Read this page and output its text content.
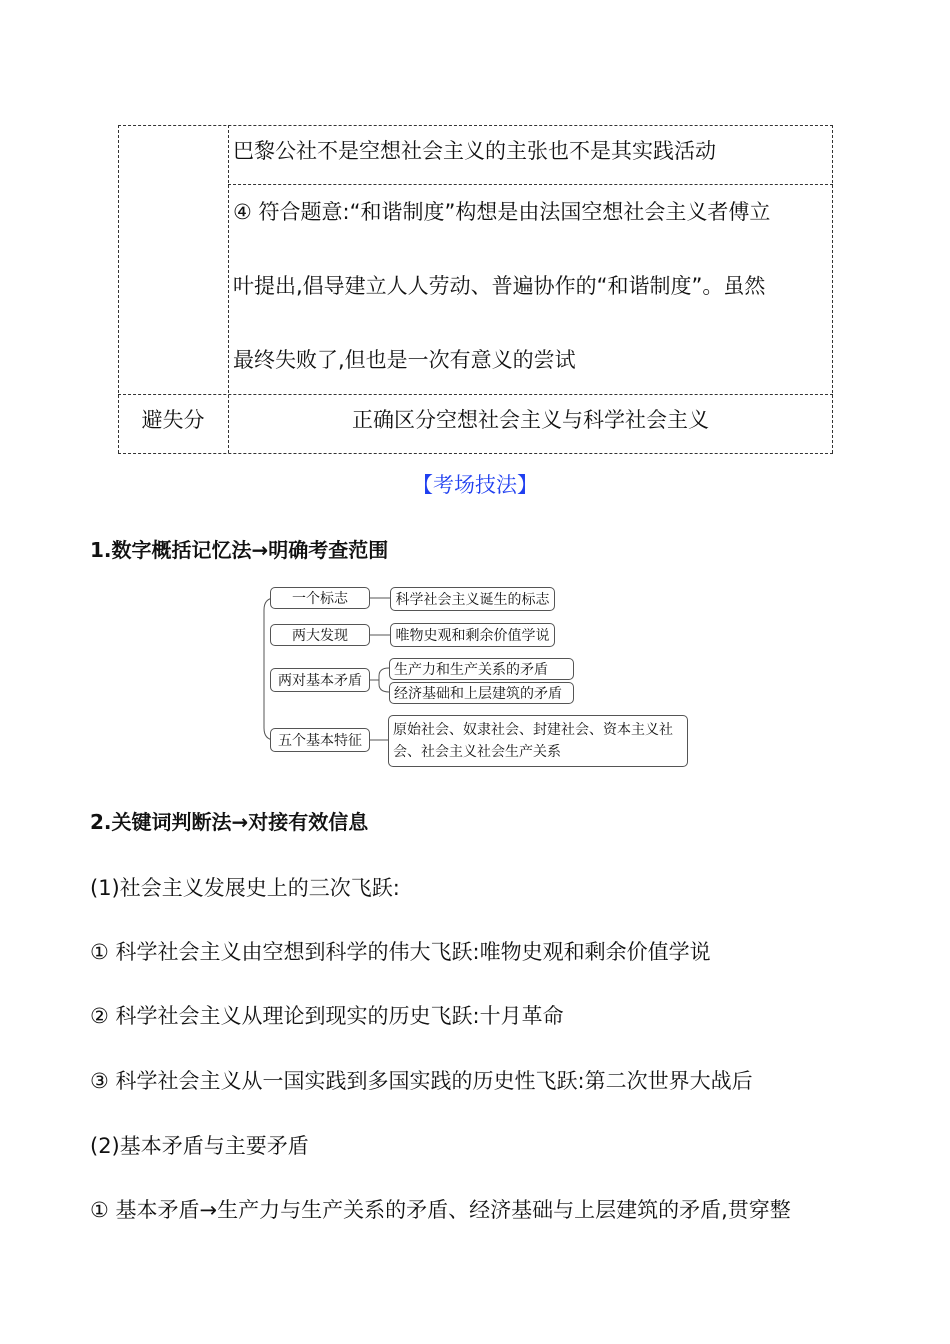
巴黎公社不是空想社会主义的主张也不是其实践活动
④ 符合题意:“和谐制度”构想是由法国空想社会主义者傅立
叶提出,倡导建立人人劳动、普遍协作的“和谐制度”。虽然
最终失败了,但也是一次有意义的尝试
避失分	正确区分空想社会主义与科学社会主义
【考场技法】
1.数字概括记忆法→明确考查范围
一个标志	科学社会主义诞生的标志
两大发现	唯物史观和剩余价值学说
两对基本矛盾
生产力和生产关系的矛盾
经济基础和上层建筑的矛盾
五个基本特征
原始社会、奴隶社会、封建社会、资本主义社
会、社会主义社会生产关系
2.关键词判断法→对接有效信息
(1)社会主义发展史上的三次飞跃:
① 科学社会主义由空想到科学的伟大飞跃:唯物史观和剩余价值学说
② 科学社会主义从理论到现实的历史飞跃:十月革命
③ 科学社会主义从一国实践到多国实践的历史性飞跃:第二次世界大战后
(2)基本矛盾与主要矛盾
① 基本矛盾→生产力与生产关系的矛盾、经济基础与上层建筑的矛盾,贯穿整
